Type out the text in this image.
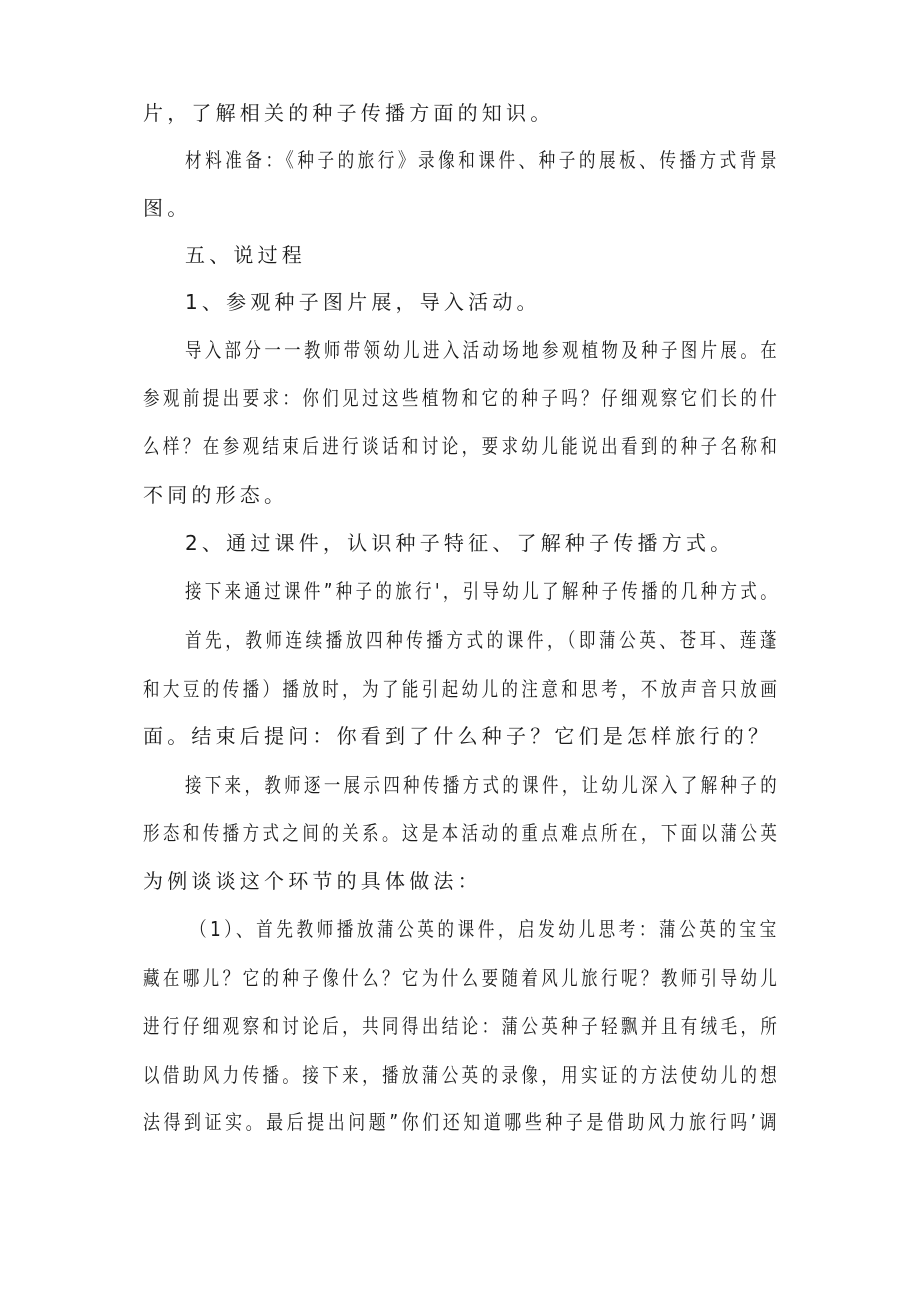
片，了解相关的种子传播方面的知识。
材料准备：《种子的旅行》录像和课件、种子的展板、传播方式背景
图。
五、说过程
1、参观种子图片展，导入活动。
导入部分一一教师带领幼儿进入活动场地参观植物及种子图片展。在
参观前提出要求：你们见过这些植物和它的种子吗？仔细观察它们长的什
么样？在参观结束后进行谈话和讨论，要求幼儿能说出看到的种子名称和
不同的形态。
2、通过课件，认识种子特征、了解种子传播方式。
接下来通过课件”种子的旅行'，引导幼儿了解种子传播的几种方式。
首先，教师连续播放四种传播方式的课件，（即蒲公英、苍耳、莲蓬
和大豆的传播）播放时，为了能引起幼儿的注意和思考，不放声音只放画
面。结束后提问：你看到了什么种子？它们是怎样旅行的？
接下来，教师逐一展示四种传播方式的课件，让幼儿深入了解种子的
形态和传播方式之间的关系。这是本活动的重点难点所在，下面以蒲公英
为例谈谈这个环节的具体做法：
（1）、首先教师播放蒲公英的课件，启发幼儿思考：蒲公英的宝宝
藏在哪儿？它的种子像什么？它为什么要随着风儿旅行呢？教师引导幼儿
进行仔细观察和讨论后，共同得出结论：蒲公英种子轻飘并且有绒毛，所
以借助风力传播。接下来，播放蒲公英的录像，用实证的方法使幼儿的想
法得到证实。最后提出问题”你们还知道哪些种子是借助风力旅行吗’调
